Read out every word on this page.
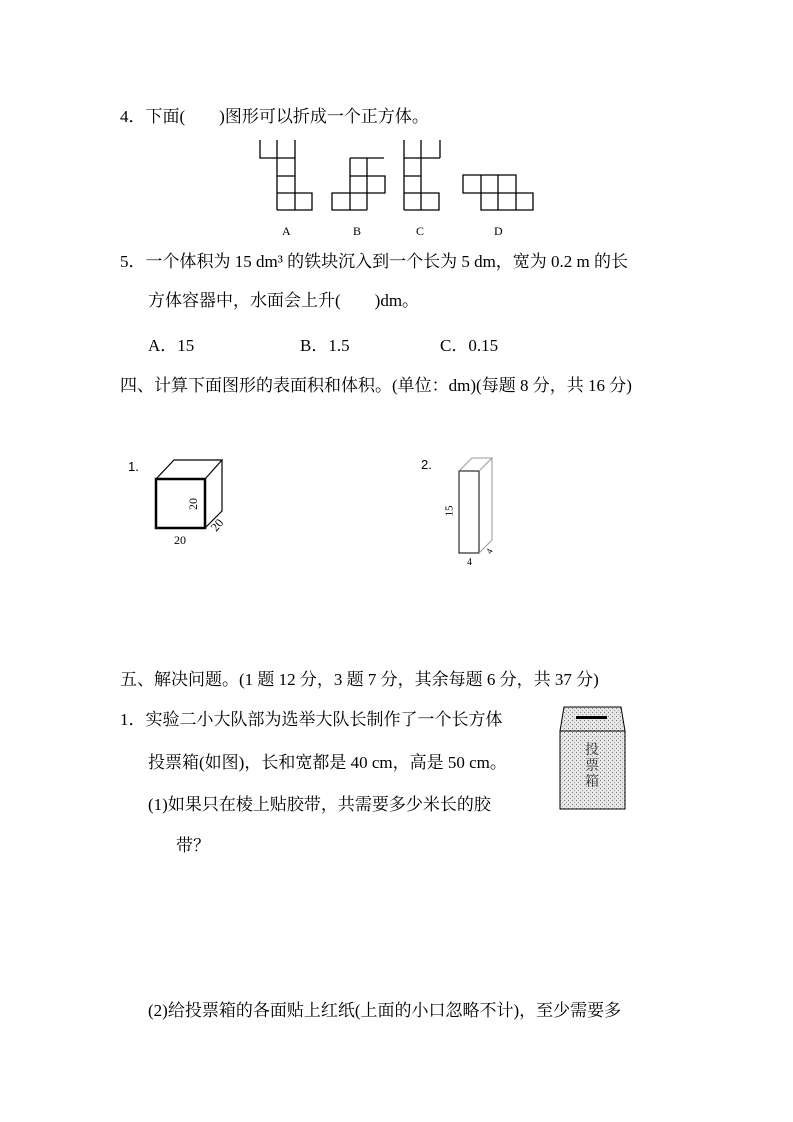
4．下面(　　)图形可以折成一个正方体。
A	B	C	D
5．一个体积为 15 dm³ 的铁块沉入到一个长为 5 dm，宽为 0.2 m 的长
方体容器中，水面会上升(　　)dm。
A．15	B．1.5	C．0.15
四、计算下面图形的表面积和体积。(单位：dm)(每题 8 分，共 16 分)
1.
20
20
20
2.
15
4
4
五、解决问题。(1 题 12 分，3 题 7 分，其余每题 6 分，共 37 分)
1．实验二小大队部为选举大队长制作了一个长方体
投票箱(如图)，长和宽都是 40 cm，高是 50 cm。
(1)如果只在棱上贴胶带，共需要多少米长的胶
带？
(2)给投票箱的各面贴上红纸(上面的小口忽略不计)，至少需要多
投票箱
